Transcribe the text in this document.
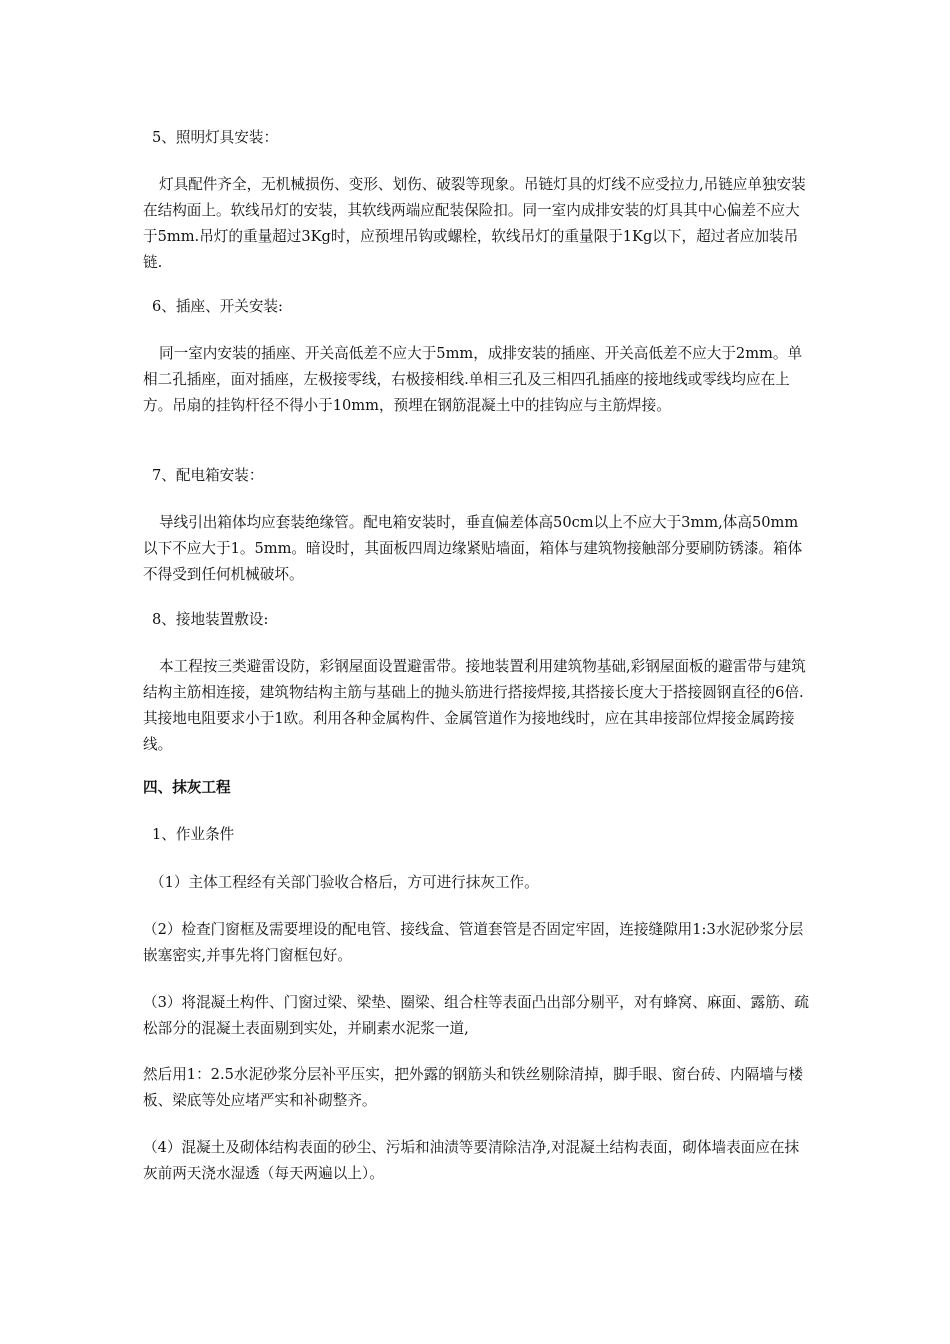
5、照明灯具安装：

灯具配件齐全，无机械损伤、变形、划伤、破裂等现象。吊链灯具的灯线不应受拉力,吊链应单独安装在结构面上。软线吊灯的安装，其软线两端应配装保险扣。同一室内成排安装的灯具其中心偏差不应大于5mm.吊灯的重量超过3Kg时，应预埋吊钩或螺栓，软线吊灯的重量限于1Kg以下，超过者应加装吊链.

6、插座、开关安装:

同一室内安装的插座、开关高低差不应大于5mm，成排安装的插座、开关高低差不应大于2mm。单相二孔插座，面对插座，左极接零线，右极接相线.单相三孔及三相四孔插座的接地线或零线均应在上方。吊扇的挂钩杆径不得小于10mm，预埋在钢筋混凝土中的挂钩应与主筋焊接。

7、配电箱安装：

导线引出箱体均应套装绝缘管。配电箱安装时，垂直偏差体高50cm以上不应大于3mm,体高50mm以下不应大于1。5mm。暗设时，其面板四周边缘紧贴墙面，箱体与建筑物接触部分要刷防锈漆。箱体不得受到任何机械破坏。

8、接地装置敷设:

本工程按三类避雷设防，彩钢屋面设置避雷带。接地装置利用建筑物基础,彩钢屋面板的避雷带与建筑结构主筋相连接，建筑物结构主筋与基础上的抛头筋进行搭接焊接,其搭接长度大于搭接圆钢直径的6倍.其接地电阻要求小于1欧。利用各种金属构件、金属管道作为接地线时，应在其串接部位焊接金属跨接线。

四、抹灰工程

1、作业条件

（1）主体工程经有关部门验收合格后，方可进行抹灰工作。

（2）检查门窗框及需要埋设的配电管、接线盒、管道套管是否固定牢固，连接缝隙用1:3水泥砂浆分层嵌塞密实,并事先将门窗框包好。

（3）将混凝土构件、门窗过梁、梁垫、圈梁、组合柱等表面凸出部分剔平，对有蜂窝、麻面、露筋、疏松部分的混凝土表面剔到实处，并刷素水泥浆一道,

然后用1：2.5水泥砂浆分层补平压实，把外露的钢筋头和铁丝剔除清掉，脚手眼、窗台砖、内隔墙与楼板、梁底等处应堵严实和补砌整齐。

（4）混凝土及砌体结构表面的砂尘、污垢和油渍等要清除洁净,对混凝土结构表面，砌体墙表面应在抹灰前两天浇水湿透（每天两遍以上）。
